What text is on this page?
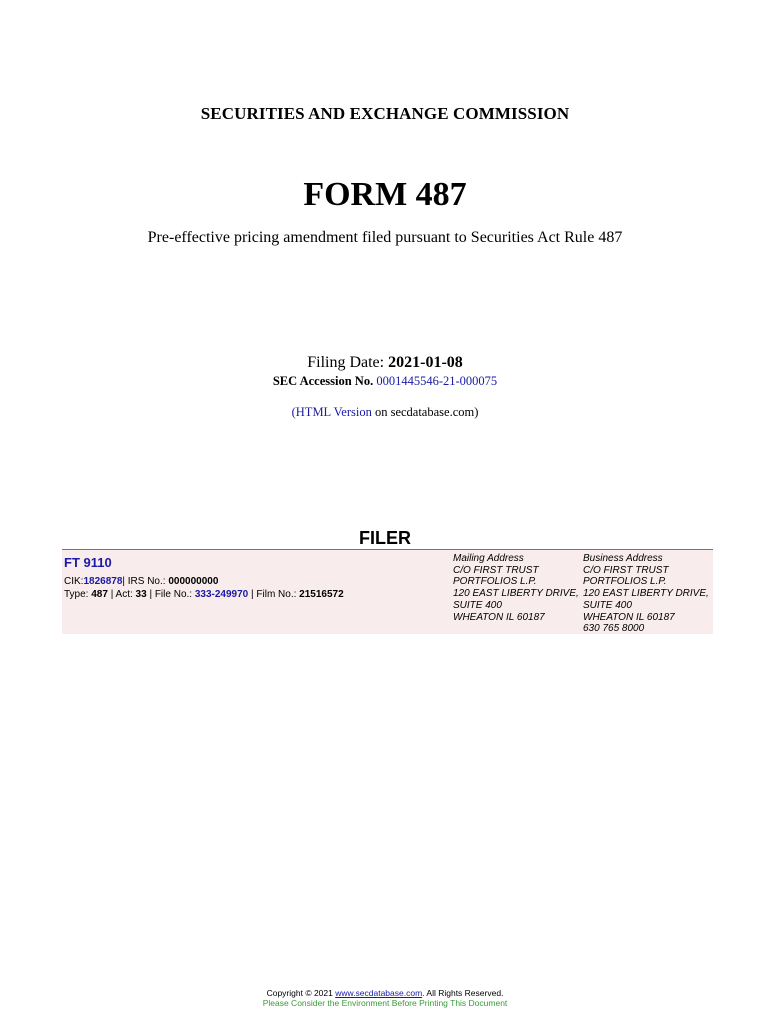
SECURITIES AND EXCHANGE COMMISSION
FORM 487
Pre-effective pricing amendment filed pursuant to Securities Act Rule 487
Filing Date: 2021-01-08
SEC Accession No. 0001445546-21-000075
(HTML Version on secdatabase.com)
FILER
FT 9110
CIK:1826878| IRS No.: 000000000
Type: 487 | Act: 33 | File No.: 333-249970 | Film No.: 21516572
Mailing Address
C/O FIRST TRUST
PORTFOLIOS L.P.
120 EAST LIBERTY DRIVE,
SUITE 400
WHEATON IL 60187
Business Address
C/O FIRST TRUST
PORTFOLIOS L.P.
120 EAST LIBERTY DRIVE,
SUITE 400
WHEATON IL 60187
630 765 8000
Copyright © 2021 www.secdatabase.com. All Rights Reserved.
Please Consider the Environment Before Printing This Document
